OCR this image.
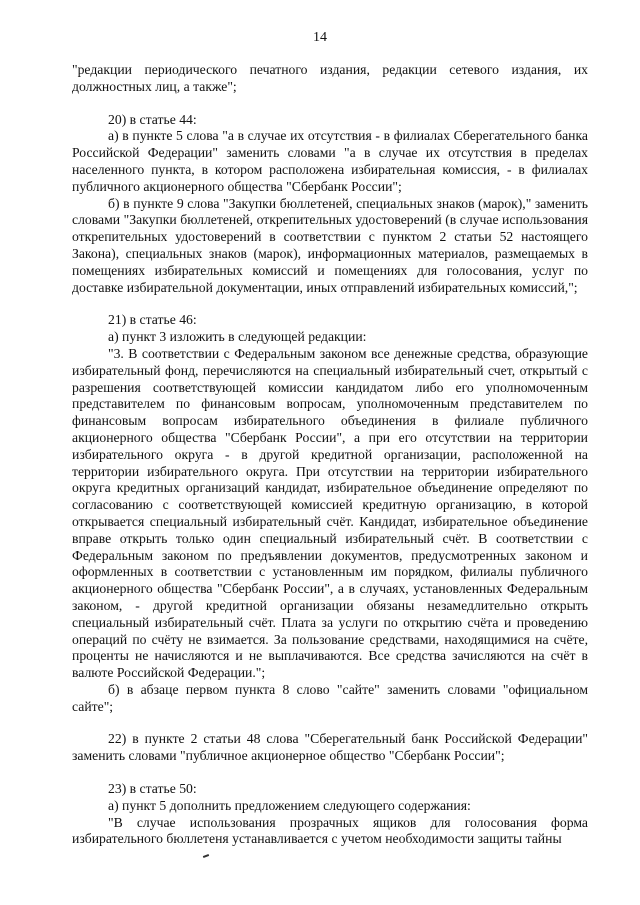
14

"редакции периодического печатного издания, редакции сетевого издания, их должностных лиц, а также";

20) в статье 44:

а) в пункте 5 слова "а в случае их отсутствия - в филиалах Сберегательного банка Российской Федерации" заменить словами "а в случае их отсутствия в пределах населенного пункта, в котором расположена избирательная комиссия, - в филиалах публичного акционерного общества "Сбербанк России";

б) в пункте 9 слова "Закупки бюллетеней, специальных знаков (марок)," заменить словами "Закупки бюллетеней, открепительных удостоверений (в случае использования открепительных удостоверений в соответствии с пунктом 2 статьи 52 настоящего Закона), специальных знаков (марок), информационных материалов, размещаемых в помещениях избирательных комиссий и помещениях для голосования, услуг по доставке избирательной документации, иных отправлений избирательных комиссий,";

21) в статье 46:

а) пункт 3 изложить в следующей редакции:

"3. В соответствии с Федеральным законом все денежные средства, образующие избирательный фонд, перечисляются на специальный избирательный счет, открытый с разрешения соответствующей комиссии кандидатом либо его уполномоченным представителем по финансовым вопросам, уполномоченным представителем по финансовым вопросам избирательного объединения в филиале публичного акционерного общества "Сбербанк России", а при его отсутствии на территории избирательного округа - в другой кредитной организации, расположенной на территории избирательного округа. При отсутствии на территории избирательного округа кредитных организаций кандидат, избирательное объединение определяют по согласованию с соответствующей комиссией кредитную организацию, в которой открывается специальный избирательный счёт. Кандидат, избирательное объединение вправе открыть только один специальный избирательный счёт. В соответствии с Федеральным законом по предъявлении документов, предусмотренных законом и оформленных в соответствии с установленным им порядком, филиалы публичного акционерного общества "Сбербанк России", а в случаях, установленных Федеральным законом, - другой кредитной организации обязаны незамедлительно открыть специальный избирательный счёт. Плата за услуги по открытию счёта и проведению операций по счёту не взимается. За пользование средствами, находящимися на счёте, проценты не начисляются и не выплачиваются. Все средства зачисляются на счёт в валюте Российской Федерации.";

б) в абзаце первом пункта 8 слово "сайте" заменить словами "официальном сайте";

22) в пункте 2 статьи 48 слова "Сберегательный банк Российской Федерации" заменить словами "публичное акционерное общество "Сбербанк России";

23) в статье 50:

а) пункт 5 дополнить предложением следующего содержания:

"В случае использования прозрачных ящиков для голосования форма избирательного бюллетеня устанавливается с учетом необходимости защиты тайны
